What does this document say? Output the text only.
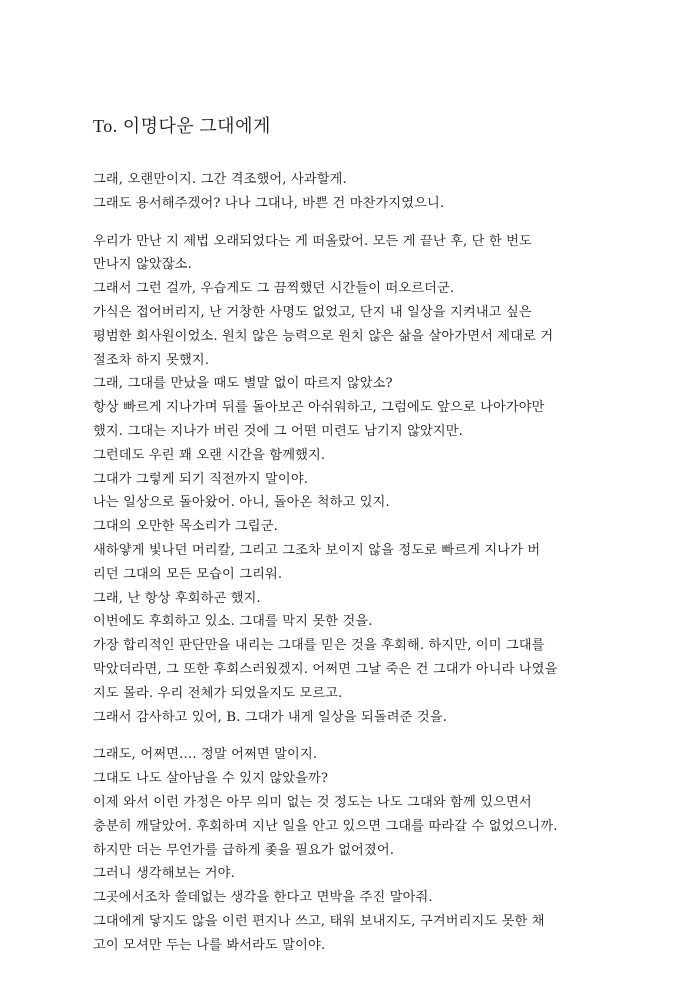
To. 이명다운 그대에게

그래, 오랜만이지. 그간 격조했어, 사과할게.

그래도 용서해주겠어? 나나 그대나, 바쁜 건 마찬가지였으니.

우리가 만난 지 제법 오래되었다는 게 떠올랐어. 모든 게 끝난 후, 단 한 번도

만나지 않았잖소.

그래서 그런 걸까, 우습게도 그 끔찍했던 시간들이 떠오르더군.

가식은 접어버리지, 난 거창한 사명도 없었고, 단지 내 일상을 지켜내고 싶은

평범한 회사원이었소. 원치 않은 능력으로 원치 않은 삶을 살아가면서 제대로 거

절조차 하지 못했지.

그래, 그대를 만났을 때도 별말 없이 따르지 않았소?

항상 빠르게 지나가며 뒤를 돌아보곤 아쉬워하고, 그럼에도 앞으로 나아가야만

했지. 그대는 지나가 버린 것에 그 어떤 미련도 남기지 않았지만.

그런데도 우린 꽤 오랜 시간을 함께했지.

그대가 그렇게 되기 직전까지 말이야.

나는 일상으로 돌아왔어. 아니, 돌아온 척하고 있지.

그대의 오만한 목소리가 그립군.

새하얗게 빛나던 머리칼, 그리고 그조차 보이지 않을 정도로 빠르게 지나가 버

리던 그대의 모든 모습이 그리워.

그래, 난 항상 후회하곤 했지.

이번에도 후회하고 있소. 그대를 막지 못한 것을.

가장 합리적인 판단만을 내리는 그대를 믿은 것을 후회해. 하지만, 이미 그대를

막았더라면, 그 또한 후회스러웠겠지. 어쩌면 그날 죽은 건 그대가 아니라 나였을

지도 몰라. 우리 전체가 되었을지도 모르고.

그래서 감사하고 있어, B. 그대가 내게 일상을 되돌려준 것을.

그래도, 어쩌면…. 정말 어쩌면 말이지.

그대도 나도 살아남을 수 있지 않았을까?

이제 와서 이런 가정은 아무 의미 없는 것 정도는 나도 그대와 함께 있으면서

충분히 깨달았어. 후회하며 지난 일을 안고 있으면 그대를 따라갈 수 없었으니까.

하지만 더는 무언가를 급하게 좇을 필요가 없어졌어.

그러니 생각해보는 거야.

그곳에서조차 쓸데없는 생각을 한다고 면박을 주진 말아줘.

그대에게 닿지도 않을 이런 편지나 쓰고, 태워 보내지도, 구겨버리지도 못한 채

고이 모셔만 두는 나를 봐서라도 말이야.
